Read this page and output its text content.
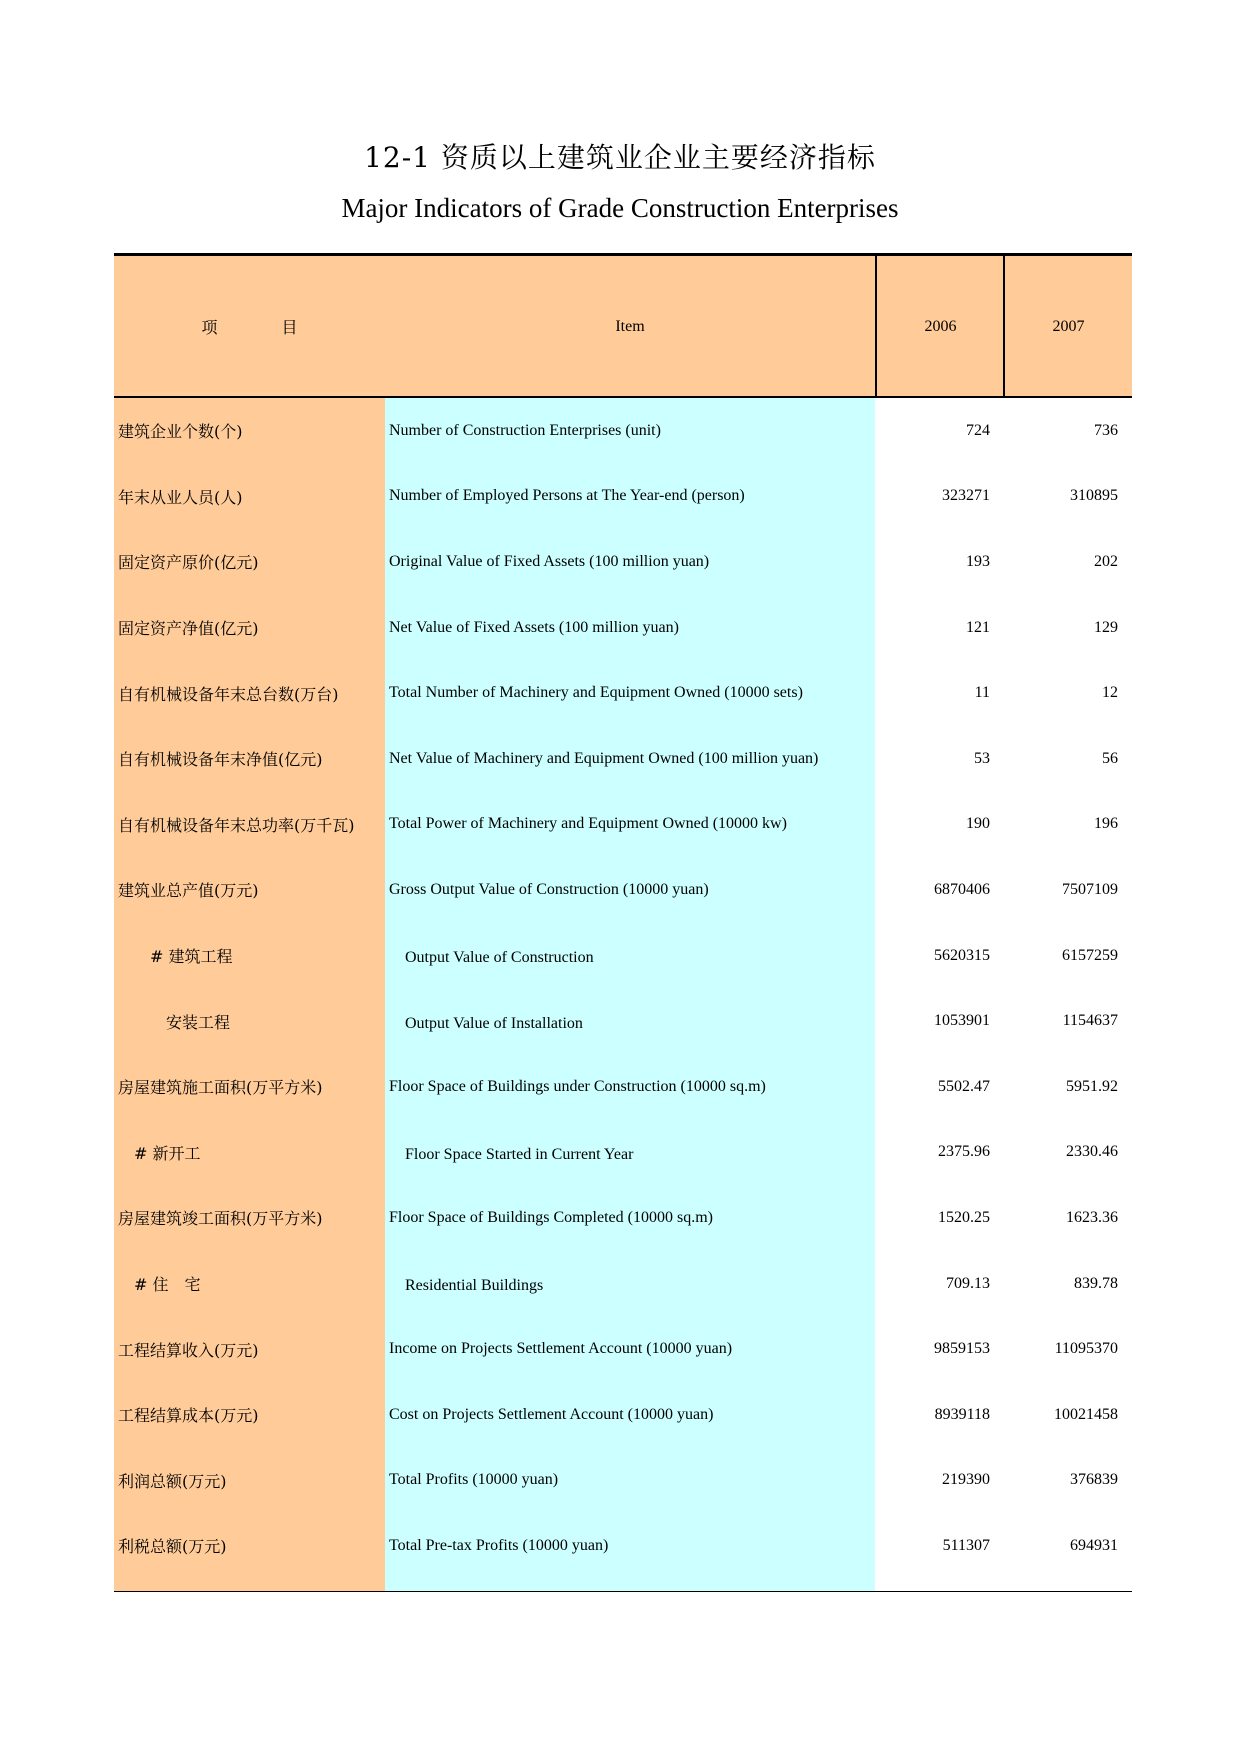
12-1 资质以上建筑业企业主要经济指标
Major Indicators of Grade Construction Enterprises
项　　　　目	Item	2006	2007
建筑企业个数(个)	Number of Construction Enterprises (unit)	724	736
年末从业人员(人)	Number of Employed Persons at The Year-end (person)	323271	310895
固定资产原价(亿元)	Original Value of Fixed Assets (100 million yuan)	193	202
固定资产净值(亿元)	Net Value of Fixed Assets (100 million yuan)	121	129
自有机械设备年末总台数(万台)	Total Number of Machinery and Equipment Owned (10000 sets)	11	12
自有机械设备年末净值(亿元)	Net Value of Machinery and Equipment Owned (100 million yuan)	53	56
自有机械设备年末总功率(万千瓦)	Total Power of Machinery and Equipment Owned (10000 kw)	190	196
建筑业总产值(万元)	Gross Output Value of Construction (10000 yuan)	6870406	7507109
　　# 建筑工程	　Output Value of Construction	5620315	6157259
　　　安装工程	　Output Value of Installation	1053901	1154637
房屋建筑施工面积(万平方米)	Floor Space of Buildings under Construction (10000 sq.m)	5502.47	5951.92
　# 新开工	　Floor Space Started in Current Year	2375.96	2330.46
房屋建筑竣工面积(万平方米)	Floor Space of Buildings Completed (10000 sq.m)	1520.25	1623.36
　# 住　宅	　Residential Buildings	709.13	839.78
工程结算收入(万元)	Income on Projects Settlement Account (10000 yuan)	9859153	11095370
工程结算成本(万元)	Cost on Projects Settlement Account (10000 yuan)	8939118	10021458
利润总额(万元)	Total Profits (10000 yuan)	219390	376839
利税总额(万元)	Total Pre-tax Profits (10000 yuan)	511307	694931
